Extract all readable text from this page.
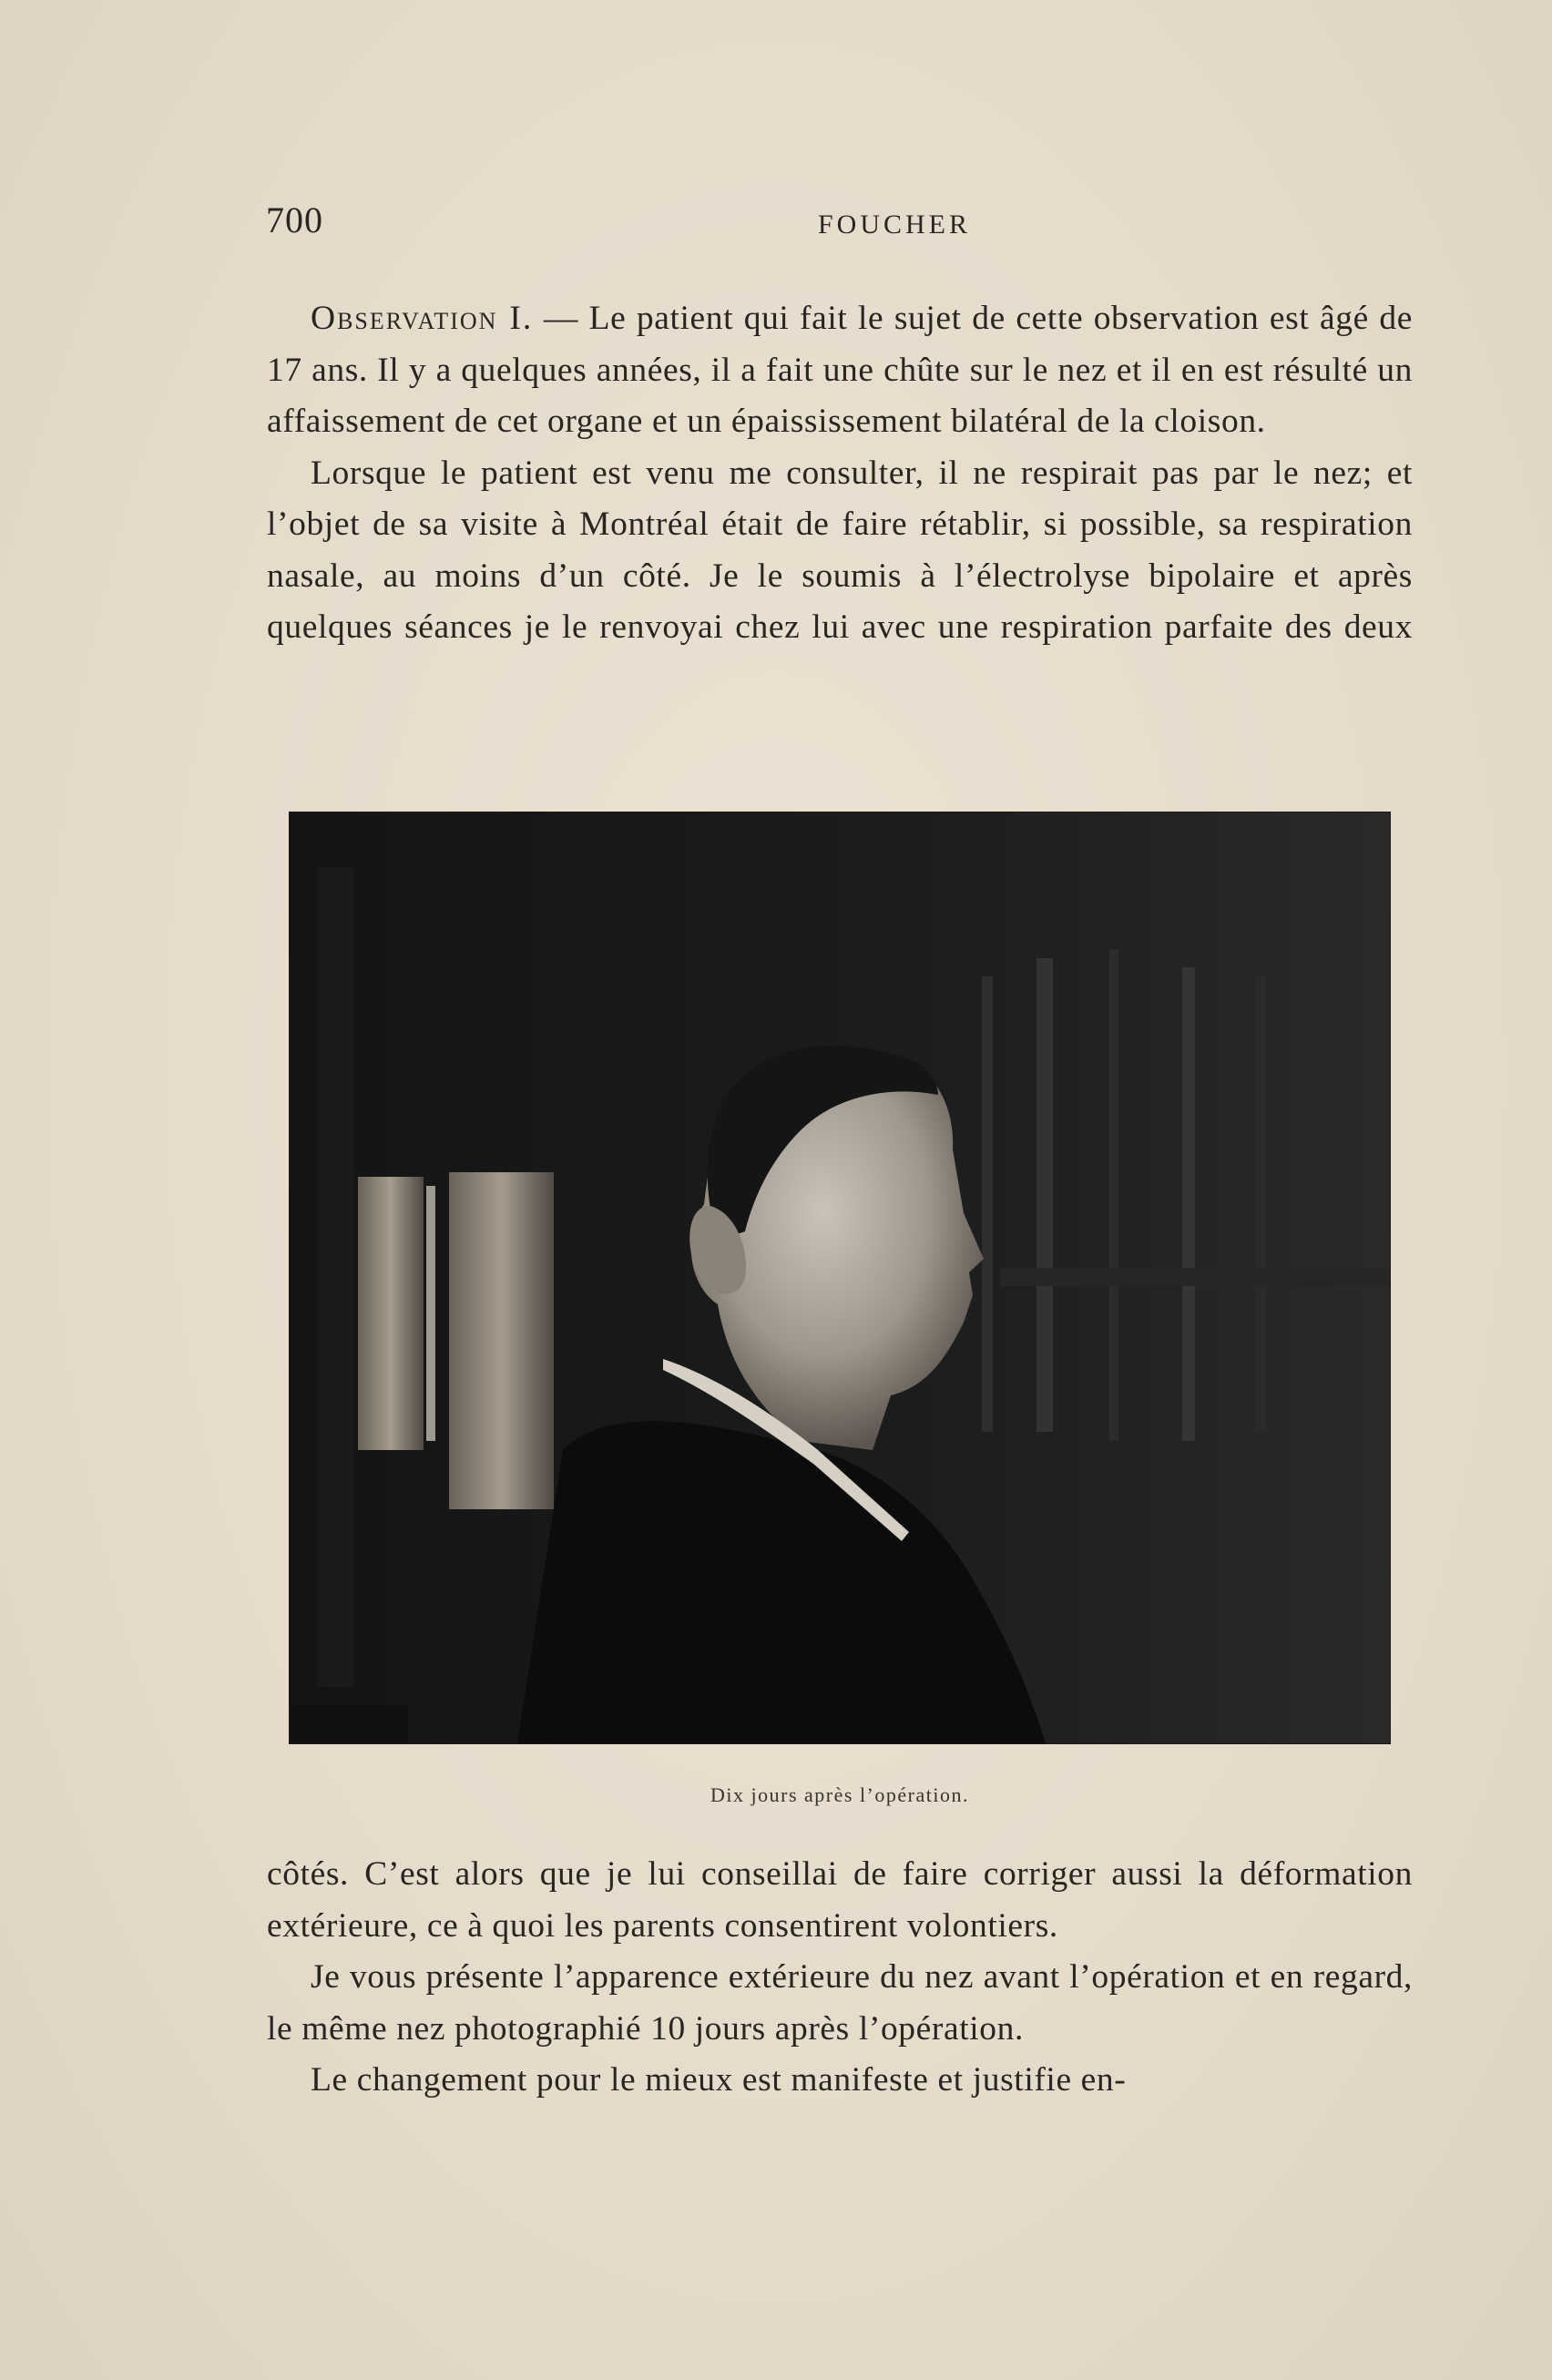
700	FOUCHER

Observation I. — Le patient qui fait le sujet de cette observation est âgé de 17 ans. Il y a quelques années, il a fait une chûte sur le nez et il en est résulté un affaissement de cet organe et un épaississement bilatéral de la cloison.

Lorsque le patient est venu me consulter, il ne respirait pas par le nez; et l’objet de sa visite à Montréal était de faire rétablir, si possible, sa respiration nasale, au moins d’un côté. Je le soumis à l’électrolyse bipolaire et après quelques séances je le renvoyai chez lui avec une respiration parfaite des deux

Dix jours après l’opération.

côtés. C’est alors que je lui conseillai de faire corriger aussi la déformation extérieure, ce à quoi les parents consentirent volontiers.

Je vous présente l’apparence extérieure du nez avant l’opération et en regard, le même nez photographié 10 jours après l’opération.

Le changement pour le mieux est manifeste et justifie en-
